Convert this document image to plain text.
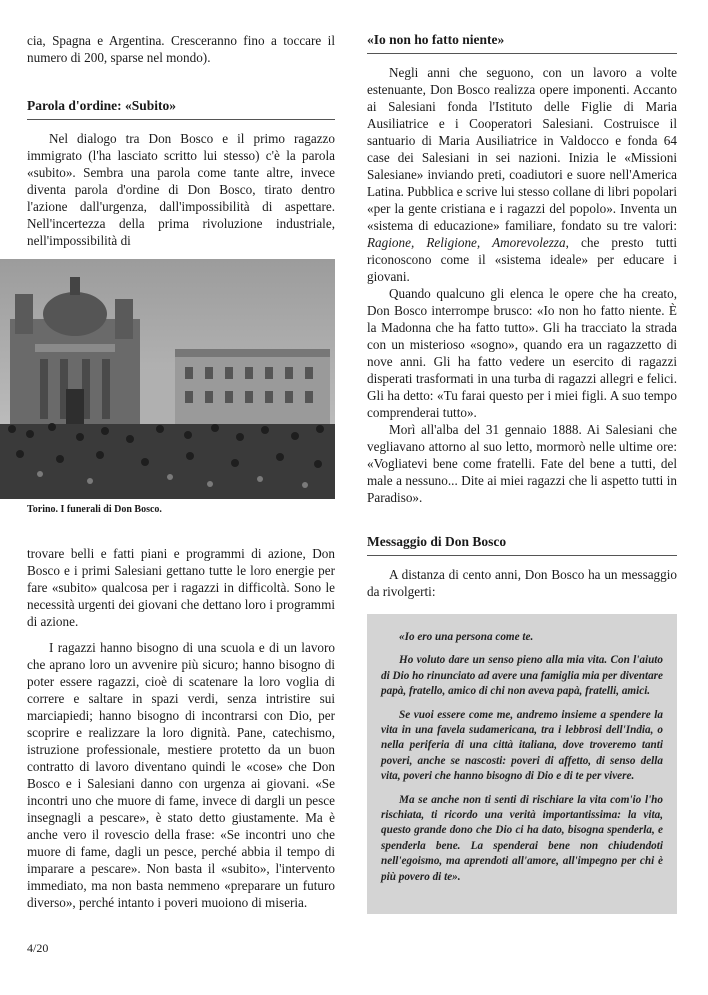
cia, Spagna e Argentina. Cresceranno fino a toccare il numero di 200, sparse nel mondo).

Parola d'ordine: «Subito»

Nel dialogo tra Don Bosco e il primo ragazzo immigrato (l'ha lasciato scritto lui stesso) c'è la parola «subito». Sembra una parola come tante altre, invece diventa parola d'ordine di Don Bosco, tirato dentro l'azione dall'urgenza, dall'impossibilità di aspettare. Nell'incertezza della prima rivoluzione industriale, nell'impossibilità di

Torino. I funerali di Don Bosco.

trovare belli e fatti piani e programmi di azione, Don Bosco e i primi Salesiani gettano tutte le loro energie per fare «subito» qualcosa per i ragazzi in difficoltà. Sono le necessità urgenti dei giovani che dettano loro i programmi di azione.

I ragazzi hanno bisogno di una scuola e di un lavoro che aprano loro un avvenire più sicuro; hanno bisogno di poter essere ragazzi, cioè di scatenare la loro voglia di correre e saltare in spazi verdi, senza intristire sui marciapiedi; hanno bisogno di incontrarsi con Dio, per scoprire e realizzare la loro dignità. Pane, catechismo, istruzione professionale, mestiere protetto da un buon contratto di lavoro diventano quindi le «cose» che Don Bosco e i Salesiani danno con urgenza ai giovani. «Se incontri uno che muore di fame, invece di dargli un pesce insegnagli a pescare», è stato detto giustamente. Ma è anche vero il rovescio della frase: «Se incontri uno che muore di fame, dagli un pesce, perché abbia il tempo di imparare a pescare». Non basta il «subito», l'intervento immediato, ma non basta nemmeno «preparare un futuro diverso», perché intanto i poveri muoiono di miseria.

«Io non ho fatto niente»

Negli anni che seguono, con un lavoro a volte estenuante, Don Bosco realizza opere imponenti. Accanto ai Salesiani fonda l'Istituto delle Figlie di Maria Ausiliatrice e i Cooperatori Salesiani. Costruisce il santuario di Maria Ausiliatrice in Valdocco e fonda 64 case dei Salesiani in sei nazioni. Inizia le «Missioni Salesiane» inviando preti, coadiutori e suore nell'America Latina. Pubblica e scrive lui stesso collane di libri popolari «per la gente cristiana e i ragazzi del popolo». Inventa un «sistema di educazione» familiare, fondato su tre valori: Ragione, Religione, Amorevolezza, che presto tutti riconoscono come il «sistema ideale» per educare i giovani.

Quando qualcuno gli elenca le opere che ha creato, Don Bosco interrompe brusco: «Io non ho fatto niente. È la Madonna che ha fatto tutto». Gli ha tracciato la strada con un misterioso «sogno», quando era un ragazzetto di nove anni. Gli ha fatto vedere un esercito di ragazzi disperati trasformati in una turba di ragazzi allegri e felici. Gli ha detto: «Tu farai questo per i miei figli. A suo tempo comprenderai tutto».

Morì all'alba del 31 gennaio 1888. Ai Salesiani che vegliavano attorno al suo letto, mormorò nelle ultime ore: «Vogliatevi bene come fratelli. Fate del bene a tutti, del male a nessuno... Dite ai miei ragazzi che li aspetto tutti in Paradiso».

Messaggio di Don Bosco

A distanza di cento anni, Don Bosco ha un messaggio da rivolgerti:

«Io ero una persona come te.

Ho voluto dare un senso pieno alla mia vita. Con l'aiuto di Dio ho rinunciato ad avere una famiglia mia per diventare papà, fratello, amico di chi non aveva papà, fratelli, amici.

Se vuoi essere come me, andremo insieme a spendere la vita in una favela sudamericana, tra i lebbrosi dell'India, o nella periferia di una città italiana, dove troveremo tanti poveri, anche se nascosti: poveri di affetto, di senso della vita, poveri che hanno bisogno di Dio e di te per vivere.

Ma se anche non ti senti di rischiare la vita com'io l'ho rischiata, ti ricordo una verità importantissima: la vita, questo grande dono che Dio ci ha dato, bisogna spenderla, e spenderla bene. La spenderai bene non chiudendoti nell'egoismo, ma aprendoti all'amore, all'impegno per chi è più povero di te».

4/20
